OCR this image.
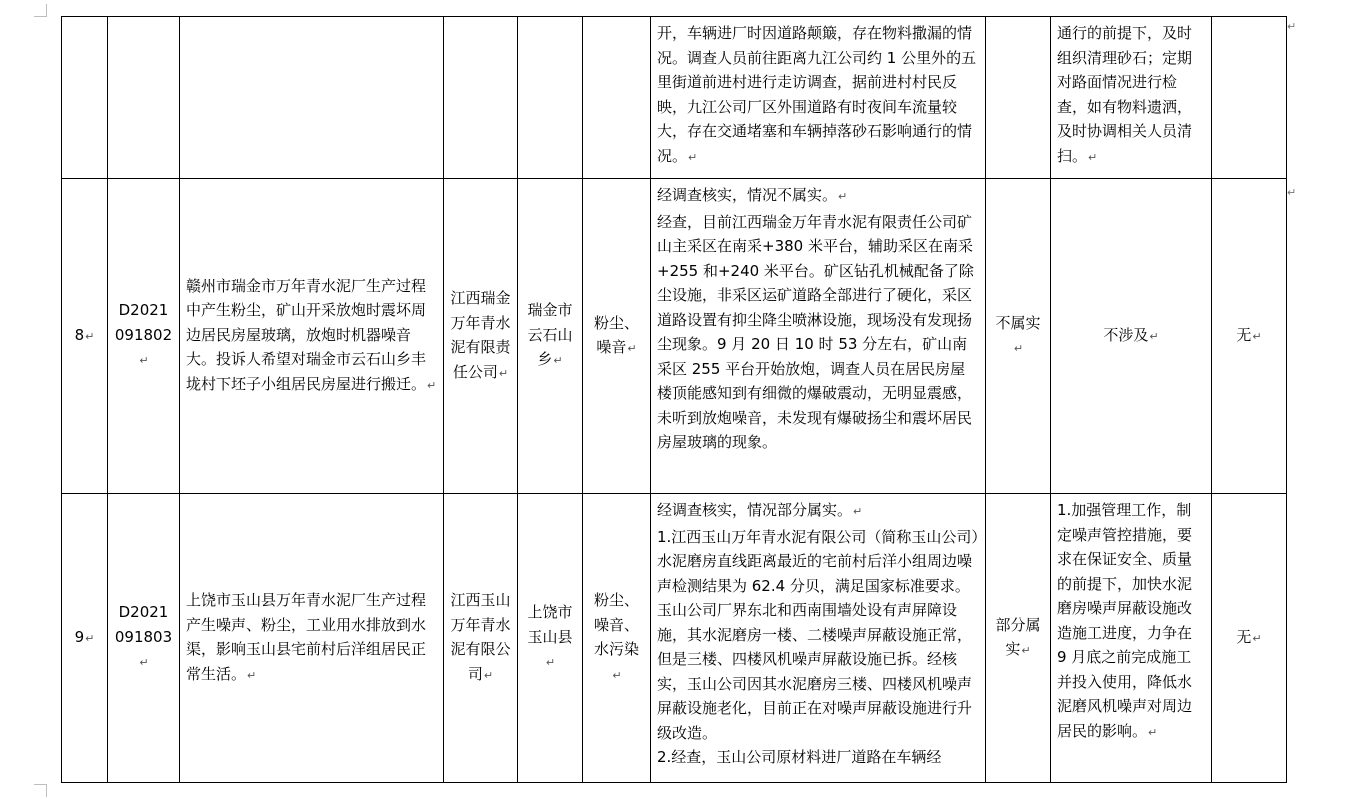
						开，车辆进厂时因道路颠簸，存在物料撒漏的情况。调查人员前往距离九江公司约 1 公里外的五里街道前进村进行走访调查，据前进村村民反映，九江公司厂区外围道路有时夜间车流量较大，存在交通堵塞和车辆掉落砂石影响通行的情况。↵		通行的前提下，及时组织清理砂石；定期对路面情况进行检查，如有物料遗洒，及时协调相关人员清扫。↵	
8↵	D2021091802↵	赣州市瑞金市万年青水泥厂生产过程中产生粉尘，矿山开采放炮时震坏周边居民房屋玻璃，放炮时机器噪音大。投诉人希望对瑞金市云石山乡丰垅村下坯子小组居民房屋进行搬迁。↵	江西瑞金万年青水泥有限责任公司↵	瑞金市云石山乡↵	粉尘、噪音↵	经调查核实，情况不属实。↵
经查，目前江西瑞金万年青水泥有限责任公司矿山主采区在南采+380 米平台，辅助采区在南采+255 和+240 米平台。矿区钻孔机械配备了除尘设施，非采区运矿道路全部进行了硬化，采区道路设置有抑尘降尘喷淋设施，现场没有发现扬尘现象。9 月 20 日 10 时 53 分左右，矿山南采区 255 平台开始放炮，调查人员在居民房屋楼顶能感知到有细微的爆破震动，无明显震感，未听到放炮噪音，未发现有爆破扬尘和震坏居民房屋玻璃的现象。	不属实↵	不涉及↵	无↵
9↵	D2021091803↵	上饶市玉山县万年青水泥厂生产过程产生噪声、粉尘，工业用水排放到水渠，影响玉山县宅前村后洋组居民正常生活。↵	江西玉山万年青水泥有限公司↵	上饶市玉山县↵	粉尘、噪音、水污染↵	经调查核实，情况部分属实。↵
1.江西玉山万年青水泥有限公司（简称玉山公司）水泥磨房直线距离最近的宅前村后洋小组周边噪声检测结果为 62.4 分贝，满足国家标准要求。玉山公司厂界东北和西南围墙处设有声屏障设施，其水泥磨房一楼、二楼噪声屏蔽设施正常，但是三楼、四楼风机噪声屏蔽设施已拆。经核实，玉山公司因其水泥磨房三楼、四楼风机噪声屏蔽设施老化，目前正在对噪声屏蔽设施进行升级改造。
2.经查，玉山公司原材料进厂道路在车辆经	部分属实↵	1.加强管理工作，制定噪声管控措施，要求在保证安全、质量的前提下，加快水泥磨房噪声屏蔽设施改造施工进度，力争在 9 月底之前完成施工并投入使用，降低水泥磨风机噪声对周边居民的影响。↵	无↵
↵
↵
